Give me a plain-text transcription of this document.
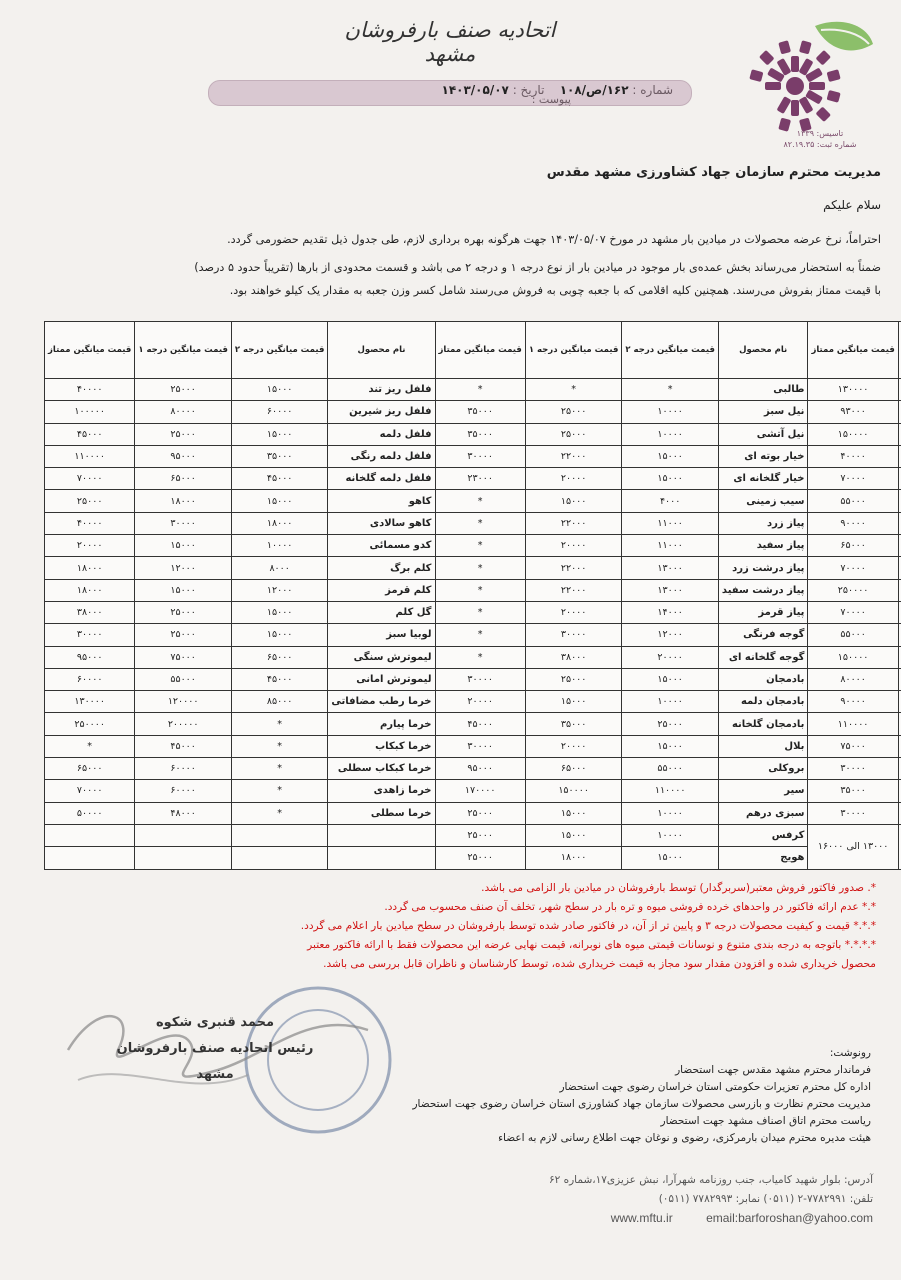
تاسیس: ۱۳۳۹
شماره ثبت: ۸۲.۱۹.۳۵
اتحادیه صنف بارفروشان مشهد
شماره : ۱۶۲/ص/۱۰۸    تاریخ : ۱۴۰۳/۰۵/۰۷
پیوست :
مدیریت محترم سازمان جهاد کشاورزی مشهد مقدس
سلام علیکم
احتراماً، نرخ عرضه محصولات در میادین بار مشهد در مورخ ۱۴۰۳/۰۵/۰۷ جهت هرگونه بهره برداری لازم، طی جدول ذیل تقدیم حضورمی گردد.
ضمناً به استحضار می‌رساند بخش عمده‌ی بار موجود در میادین بار از نوع درجه ۱ و درجه ۲ می باشد و قسمت محدودی از بارها (تقریباً حدود ۵ درصد)
با قیمت ممتاز بفروش می‌رسند. همچنین کلیه اقلامی که با جعبه چوبی به فروش می‌رسند شامل کسر وزن جعبه به مقدار یک کیلو خواهند بود.
			قیمت میانگین ممتاز	نام محصول	قیمت میانگین درجه ۲	قیمت میانگین درجه ۱	قیمت میانگین ممتاز	نام محصول	قیمت میانگین درجه ۲	قیمت میانگین درجه ۱	قیمت میانگین ممتاز
			۱۳۰۰۰۰	طالبی	*	*	*	فلفل ریز تند	۱۵۰۰۰	۲۵۰۰۰	۴۰۰۰۰
			۹۳۰۰۰	نیل سبز	۱۰۰۰۰	۲۵۰۰۰	۳۵۰۰۰	فلفل ریز شیرین	۶۰۰۰۰	۸۰۰۰۰	۱۰۰۰۰۰
			۱۵۰۰۰۰	نیل آتشی	۱۰۰۰۰	۲۵۰۰۰	۳۵۰۰۰	فلفل دلمه	۱۵۰۰۰	۲۵۰۰۰	۴۵۰۰۰
			۴۰۰۰۰	خیار بوته ای	۱۵۰۰۰	۲۲۰۰۰	۳۰۰۰۰	فلفل دلمه رنگی	۳۵۰۰۰	۹۵۰۰۰	۱۱۰۰۰۰
			۷۰۰۰۰	خیار گلخانه ای	۱۵۰۰۰	۲۰۰۰۰	۲۳۰۰۰	فلفل دلمه گلخانه	۴۵۰۰۰	۶۵۰۰۰	۷۰۰۰۰
			۵۵۰۰۰	سیب زمینی	۴۰۰۰	۱۵۰۰۰	*	کاهو	۱۵۰۰۰	۱۸۰۰۰	۲۵۰۰۰
			۹۰۰۰۰	پیاز زرد	۱۱۰۰۰	۲۲۰۰۰	*	کاهو سالادی	۱۸۰۰۰	۳۰۰۰۰	۴۰۰۰۰
			۶۵۰۰۰	پیاز سفید	۱۱۰۰۰	۲۰۰۰۰	*	کدو مسمائی	۱۰۰۰۰	۱۵۰۰۰	۲۰۰۰۰
			۷۰۰۰۰	پیاز درشت زرد	۱۳۰۰۰	۲۲۰۰۰	*	کلم برگ	۸۰۰۰	۱۲۰۰۰	۱۸۰۰۰
			۲۵۰۰۰۰	پیاز درشت سفید	۱۳۰۰۰	۲۲۰۰۰	*	کلم قرمز	۱۲۰۰۰	۱۵۰۰۰	۱۸۰۰۰
			۷۰۰۰۰	پیاز قرمز	۱۴۰۰۰	۲۰۰۰۰	*	گل کلم	۱۵۰۰۰	۲۵۰۰۰	۳۸۰۰۰
			۵۵۰۰۰	گوجه فرنگی	۱۲۰۰۰	۳۰۰۰۰	*	لوبیا سبز	۱۵۰۰۰	۲۵۰۰۰	۳۰۰۰۰
			۱۵۰۰۰۰	گوجه گلخانه ای	۲۰۰۰۰	۳۸۰۰۰	*	لیموترش سنگی	۶۵۰۰۰	۷۵۰۰۰	۹۵۰۰۰
			۸۰۰۰۰	بادمجان	۱۵۰۰۰	۲۵۰۰۰	۳۰۰۰۰	لیموترش امانی	۴۵۰۰۰	۵۵۰۰۰	۶۰۰۰۰
			۹۰۰۰۰	بادمجان دلمه	۱۰۰۰۰	۱۵۰۰۰	۲۰۰۰۰	خرما رطب مضافاتی	۸۵۰۰۰	۱۲۰۰۰۰	۱۳۰۰۰۰
			۱۱۰۰۰۰	بادمجان گلخانه	۲۵۰۰۰	۳۵۰۰۰	۴۵۰۰۰	خرما پیارم	*	۲۰۰۰۰۰	۲۵۰۰۰۰
			۷۵۰۰۰	بلال	۱۵۰۰۰	۲۰۰۰۰	۳۰۰۰۰	خرما کبکاب	*	۴۵۰۰۰	*
			۳۰۰۰۰	بروکلی	۵۵۰۰۰	۶۵۰۰۰	۹۵۰۰۰	خرما کبکاب سطلی	*	۶۰۰۰۰	۶۵۰۰۰
			۳۵۰۰۰	سیر	۱۱۰۰۰۰	۱۵۰۰۰۰	۱۷۰۰۰۰	خرما زاهدی	*	۶۰۰۰۰	۷۰۰۰۰
			۳۰۰۰۰	سبزی درهم	۱۰۰۰۰	۱۵۰۰۰	۲۵۰۰۰	خرما سطلی	*	۴۸۰۰۰	۵۰۰۰۰
			۱۳۰۰۰ الی ۱۶۰۰۰	کرفس	۱۰۰۰۰	۱۵۰۰۰	۲۵۰۰۰				
				هویج	۱۵۰۰۰	۱۸۰۰۰	۲۵۰۰۰				
*. صدور فاکتور فروش معتبر(سربرگدار) توسط بارفروشان در میادین بار الزامی می باشد.
*.* عدم ارائه فاکتور در واحدهای خرده فروشی میوه و تره بار در سطح شهر، تخلف آن صنف محسوب می گردد.
*.*.* قیمت و کیفیت محصولات درجه ۳ و پایین تر از آن، در فاکتور صادر شده توسط بارفروشان در سطح میادین بار اعلام می گردد.
*.*.*.* باتوجه به درجه بندی متنوع و نوسانات قیمتی میوه های نوبرانه، قیمت نهایی عرضه این محصولات فقط با ارائه فاکتور معتبر
محصول خریداری شده و افزودن مقدار سود مجاز به قیمت خریداری شده، توسط کارشناسان و ناظران قابل بررسی می باشد.
محمد قنبری شکوه
رئیس اتحادیه صنف بارفروشان مشهد
رونوشت:
فرماندار محترم مشهد مقدس جهت استحضار
اداره کل محترم تعزیرات حکومتی استان خراسان رضوی جهت استحضار
مدیریت محترم نظارت و بازرسی محصولات سازمان جهاد کشاورزی استان خراسان رضوی جهت استحضار
ریاست محترم اتاق اصناف مشهد جهت استحضار
هیئت مدیره محترم میدان بارمرکزی، رضوی و نوغان جهت اطلاع رسانی لازم به اعضاء
آدرس: بلوار شهید کامیاب، جنب روزنامه شهرآرا، نبش عزیزی۱۷،شماره ۶۲
تلفن: ۷۷۸۲۹۹۱-۲ (۰۵۱۱) نمابر: ۷۷۸۲۹۹۳ (۰۵۱۱)
www.mftu.ir	email:barforoshan@yahoo.com
